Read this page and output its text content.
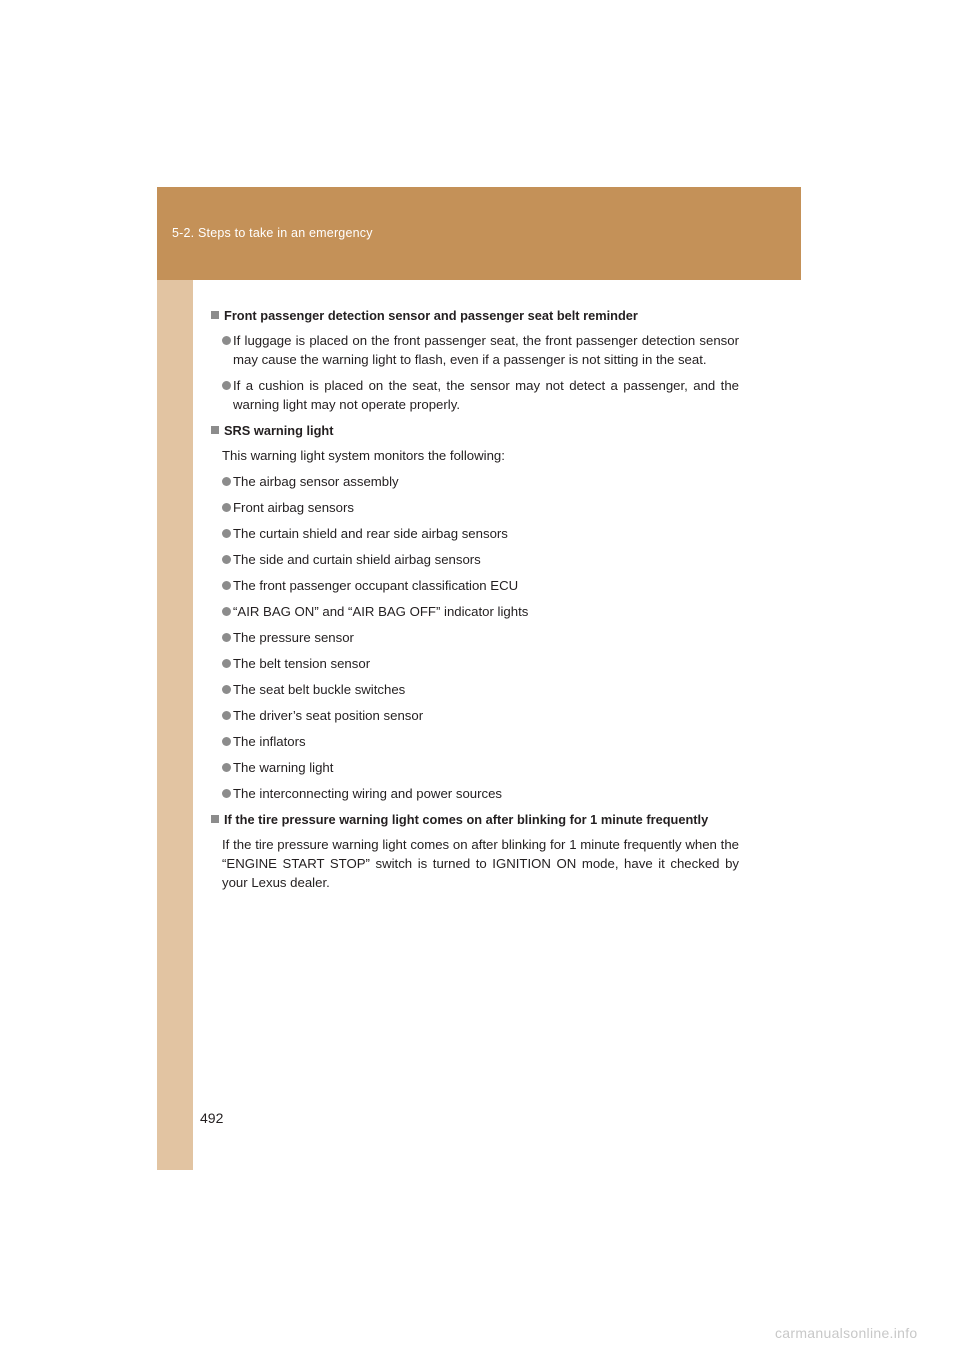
5-2. Steps to take in an emergency
492
Front passenger detection sensor and passenger seat belt reminder
If luggage is placed on the front passenger seat, the front passenger detection sensor may cause the warning light to flash, even if a passenger is not sitting in the seat.
If a cushion is placed on the seat, the sensor may not detect a passenger, and the warning light may not operate properly.
SRS warning light
This warning light system monitors the following:
The airbag sensor assembly
Front airbag sensors
The curtain shield and rear side airbag sensors
The side and curtain shield airbag sensors
The front passenger occupant classification ECU
“AIR BAG ON” and “AIR BAG OFF” indicator lights
The pressure sensor
The belt tension sensor
The seat belt buckle switches
The driver’s seat position sensor
The inflators
The warning light
The interconnecting wiring and power sources
If the tire pressure warning light comes on after blinking for 1 minute frequently
If the tire pressure warning light comes on after blinking for 1 minute frequently when the “ENGINE START STOP” switch is turned to IGNITION ON mode, have it checked by your Lexus dealer.
carmanualsonline.info
